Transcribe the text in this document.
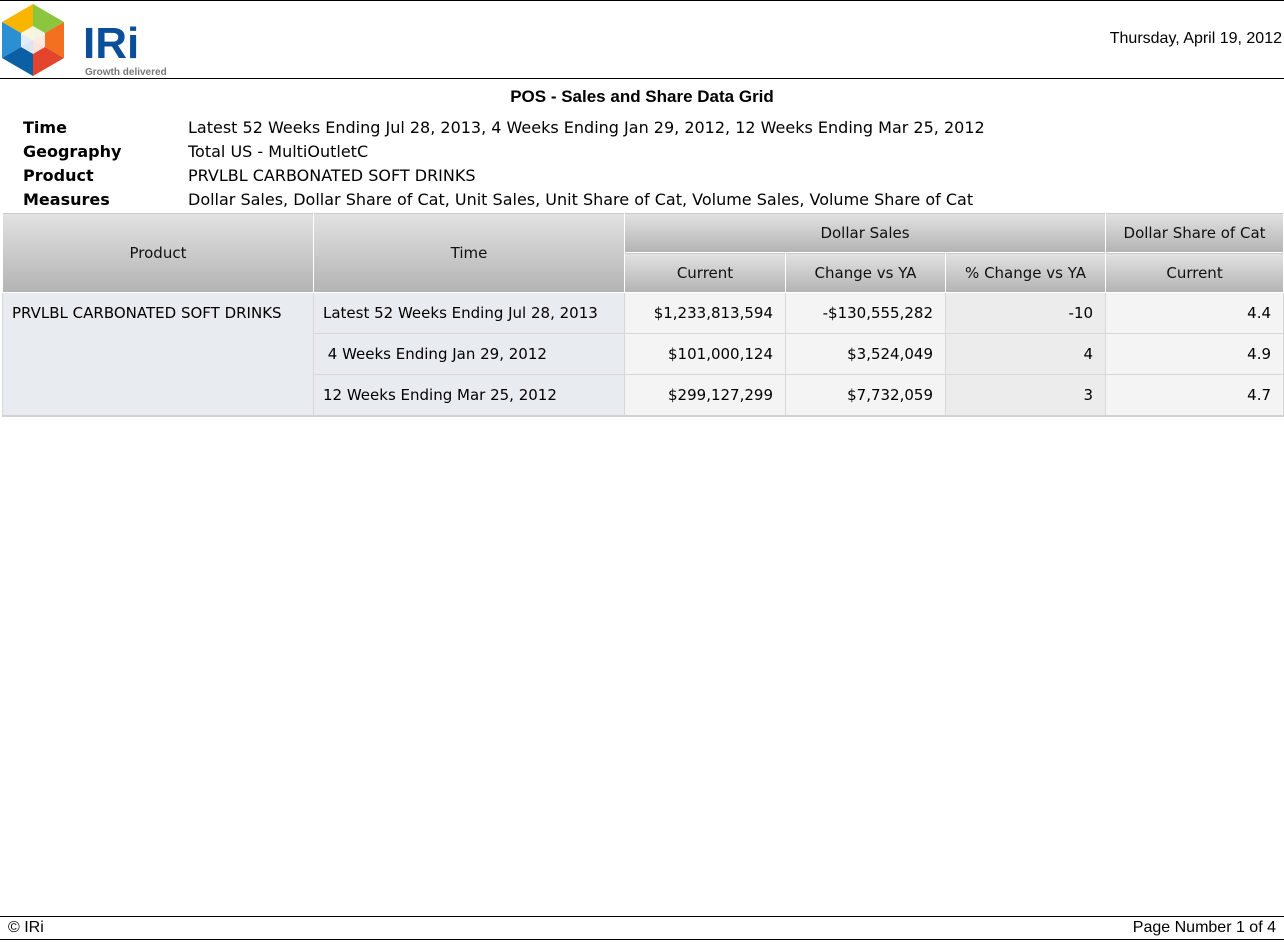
IRi
Growth delivered
Thursday, April 19, 2012
POS - Sales and Share Data Grid
Time	Latest 52 Weeks Ending Jul 28, 2013, 4 Weeks Ending Jan 29, 2012, 12 Weeks Ending Mar 25, 2012
Geography	Total US - MultiOutletC
Product	PRVLBL CARBONATED SOFT DRINKS
Measures	Dollar Sales, Dollar Share of Cat, Unit Sales, Unit Share of Cat, Volume Sales, Volume Share of Cat
Product	Time	Dollar Sales			Dollar Share of Cat
		Current	Change vs YA	% Change vs YA	Current
PRVLBL CARBONATED SOFT DRINKS	Latest 52 Weeks Ending Jul 28, 2013	$1,233,813,594	-$130,555,282	-10	4.4
	4 Weeks Ending Jan 29, 2012	$101,000,124	$3,524,049	4	4.9
	12 Weeks Ending Mar 25, 2012	$299,127,299	$7,732,059	3	4.7
© IRi	Page Number 1 of 4
